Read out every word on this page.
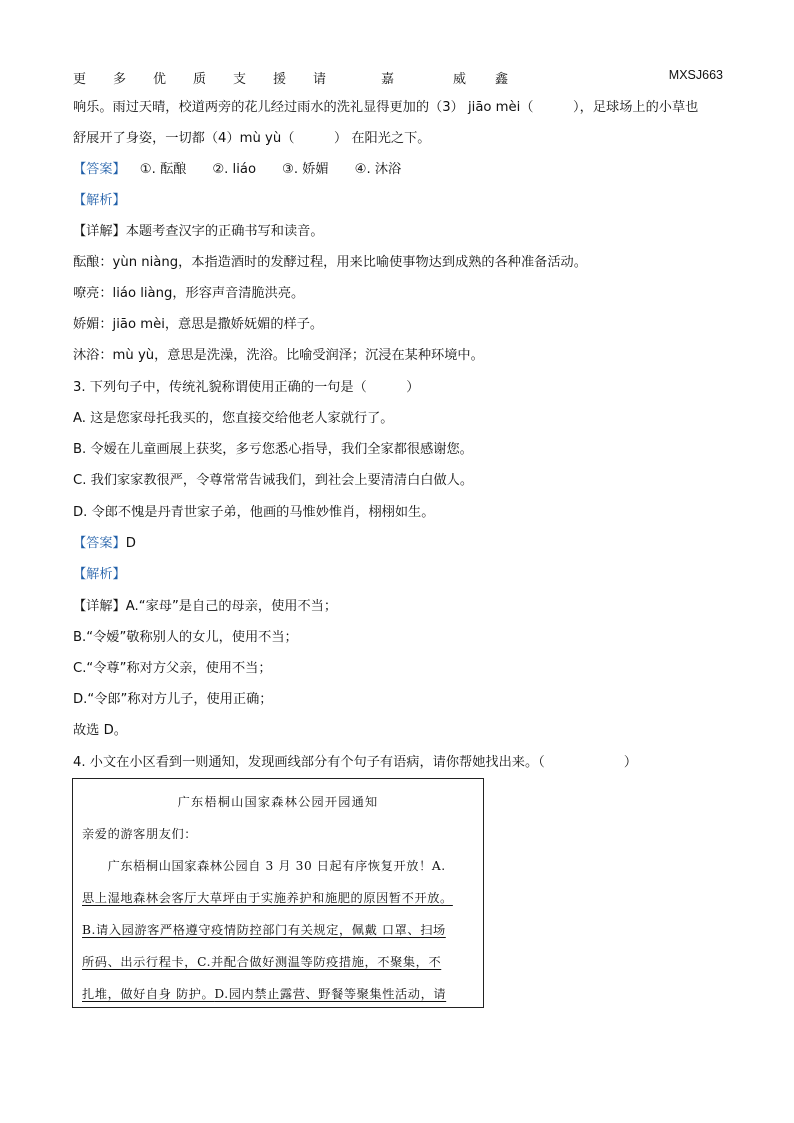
更 多 优 质 支 援 请	嘉	威 鑫	MXSJ663
响乐。雨过天晴，校道两旁的花儿经过雨水的洗礼显得更加的（3） jiāo mèi（　　　），足球场上的小草也
舒展开了身姿，一切都（4）mù yù（　　　） 在阳光之下。
【答案】 ①. 酝酿 ②. liáo ③. 娇媚 ④. 沐浴
【解析】
【详解】本题考查汉字的正确书写和读音。
酝酿：yùn niàng，本指造酒时的发酵过程，用来比喻使事物达到成熟的各种准备活动。
嘹亮：liáo liàng，形容声音清脆洪亮。
娇媚：jiāo mèi，意思是撒娇妩媚的样子。
沐浴：mù yù，意思是洗澡，洗浴。比喻受润泽；沉浸在某种环境中。
3. 下列句子中，传统礼貌称谓使用正确的一句是（　　　）
A. 这是您家母托我买的，您直接交给他老人家就行了。
B. 令嫒在儿童画展上获奖，多亏您悉心指导，我们全家都很感谢您。
C. 我们家家教很严，令尊常常告诫我们，到社会上要清清白白做人。
D. 令郎不愧是丹青世家子弟，他画的马惟妙惟肖，栩栩如生。
【答案】D
【解析】
【详解】A.“家母”是自己的母亲，使用不当；
B.“令嫒”敬称别人的女儿，使用不当；
C.“令尊”称对方父亲，使用不当；
D.“令郎”称对方儿子，使用正确；
故选 D。
4. 小文在小区看到一则通知，发现画线部分有个句子有语病，请你帮她找出来。（　　　　　　）
广东梧桐山国家森林公园开园通知
亲爱的游客朋友们：
　　广东梧桐山国家森林公园自 3 月 30 日起有序恢复开放！A.
思上湿地森林会客厅大草坪由于实施养护和施肥的原因暂不开放。
B.请入园游客严格遵守疫情防控部门有关规定，佩戴 口罩、扫场
所码、出示行程卡，C.并配合做好测温等防疫措施，不聚集，不
扎堆，做好自身 防护。D.园内禁止露营、野餐等聚集性活动，请
